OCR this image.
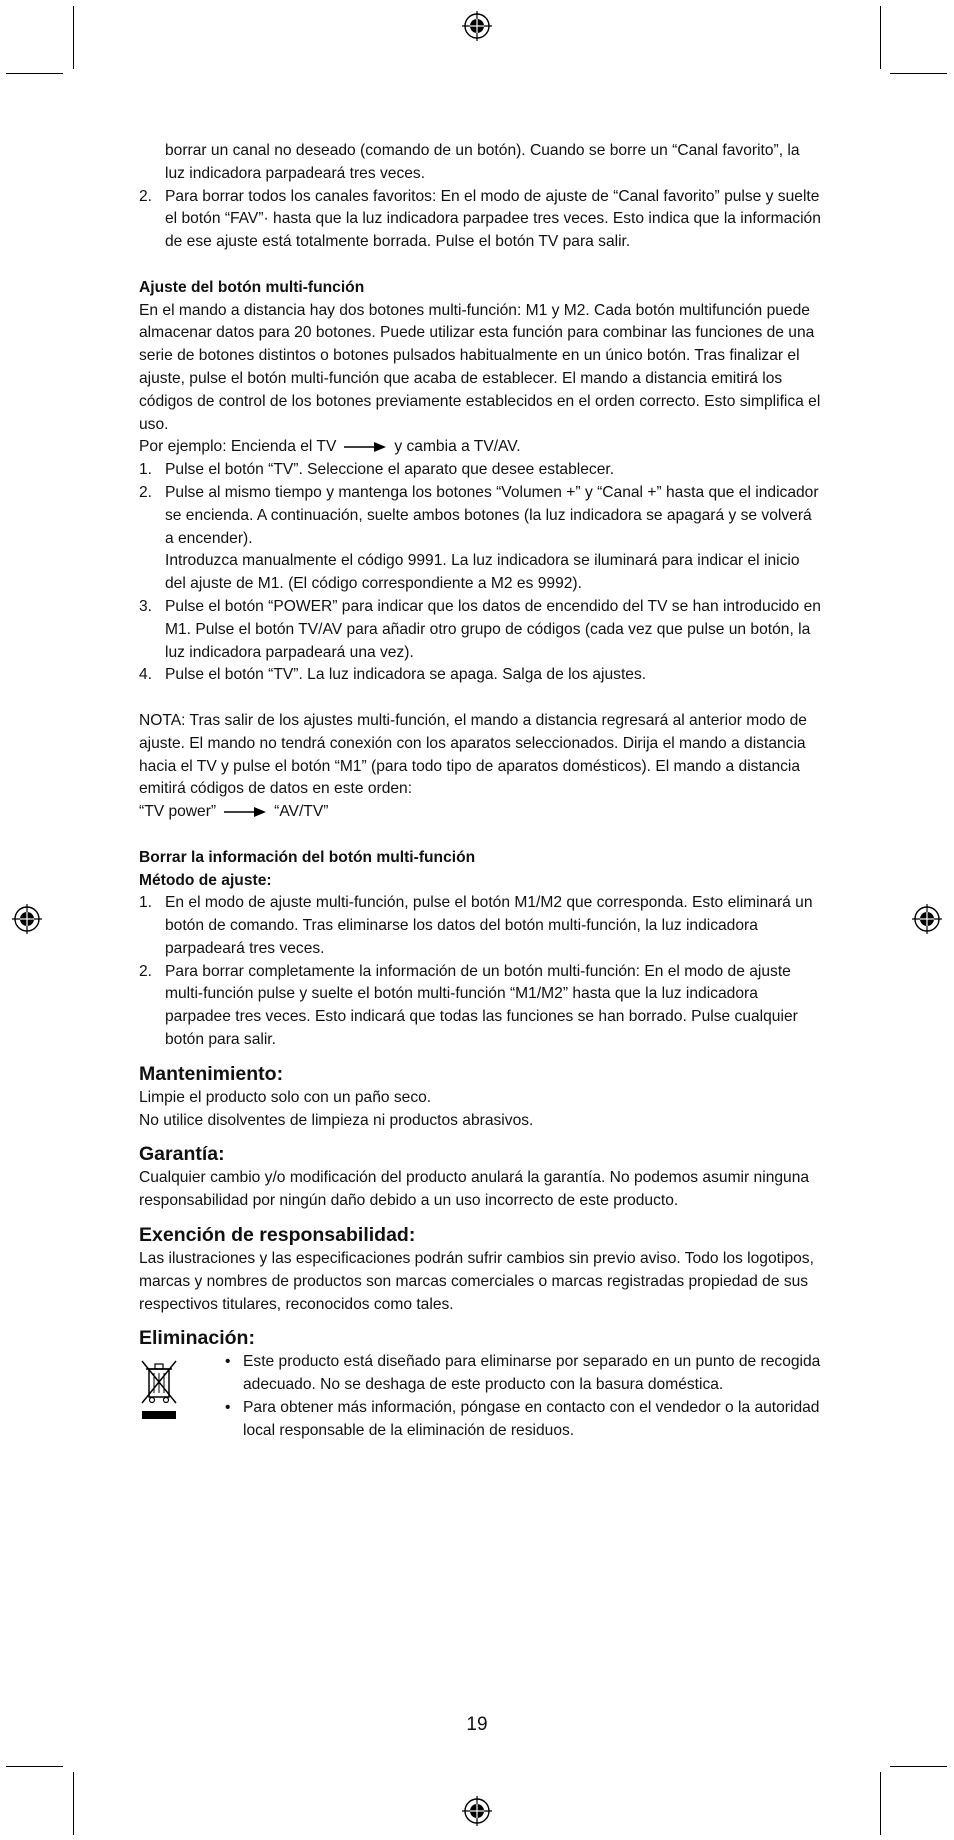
borrar un canal no deseado (comando de un botón). Cuando se borre un “Canal favorito”, la luz indicadora parpadeará tres veces.

2. Para borrar todos los canales favoritos: En el modo de ajuste de “Canal favorito” pulse y suelte el botón “FAV”· hasta que la luz indicadora parpadee tres veces. Esto indica que la información de ese ajuste está totalmente borrada. Pulse el botón TV para salir.

Ajuste del botón multi-función

En el mando a distancia hay dos botones multi-función: M1 y M2. Cada botón multifunción puede almacenar datos para 20 botones. Puede utilizar esta función para combinar las funciones de una serie de botones distintos o botones pulsados habitualmente en un único botón. Tras finalizar el ajuste, pulse el botón multi-función que acaba de establecer. El mando a distancia emitirá los códigos de control de los botones previamente establecidos en el orden correcto. Esto simplifica el uso.

Por ejemplo: Encienda el TV	y cambia a TV/AV.

1. Pulse el botón “TV”. Seleccione el aparato que desee establecer.

2. Pulse al mismo tiempo y mantenga los botones “Volumen +” y “Canal +” hasta que el indicador se encienda. A continuación, suelte ambos botones (la luz indicadora se apagará y se volverá a encender).

Introduzca manualmente el código 9991. La luz indicadora se iluminará para indicar el inicio del ajuste de M1. (El código correspondiente a M2 es 9992).

3. Pulse el botón “POWER” para indicar que los datos de encendido del TV se han introducido en M1. Pulse el botón TV/AV para añadir otro grupo de códigos (cada vez que pulse un botón, la luz indicadora parpadeará una vez).

4. Pulse el botón “TV”. La luz indicadora se apaga. Salga de los ajustes.

NOTA: Tras salir de los ajustes multi-función, el mando a distancia regresará al anterior modo de ajuste. El mando no tendrá conexión con los aparatos seleccionados. Dirija el mando a distancia hacia el TV y pulse el botón “M1” (para todo tipo de aparatos domésticos). El mando a distancia emitirá códigos de datos en este orden:

“TV power”	“AV/TV”

Borrar la información del botón multi-función

Método de ajuste:

1. En el modo de ajuste multi-función, pulse el botón M1/M2 que corresponda. Esto eliminará un botón de comando. Tras eliminarse los datos del botón multi-función, la luz indicadora parpadeará tres veces.

2. Para borrar completamente la información de un botón multi-función: En el modo de ajuste multi-función pulse y suelte el botón multi-función “M1/M2” hasta que la luz indicadora parpadee tres veces. Esto indicará que todas las funciones se han borrado. Pulse cualquier botón para salir.

Mantenimiento:

Limpie el producto solo con un paño seco.

No utilice disolventes de limpieza ni productos abrasivos.

Garantía:

Cualquier cambio y/o modificación del producto anulará la garantía. No podemos asumir ninguna responsabilidad por ningún daño debido a un uso incorrecto de este producto.

Exención de responsabilidad:

Las ilustraciones y las especificaciones podrán sufrir cambios sin previo aviso. Todo los logotipos, marcas y nombres de productos son marcas comerciales o marcas registradas propiedad de sus respectivos titulares, reconocidos como tales.

Eliminación:
• Este producto está diseñado para eliminarse por separado en un punto de recogida adecuado. No se deshaga de este producto con la basura doméstica.

• Para obtener más información, póngase en contacto con el vendedor o la autoridad local responsable de la eliminación de residuos.

19
